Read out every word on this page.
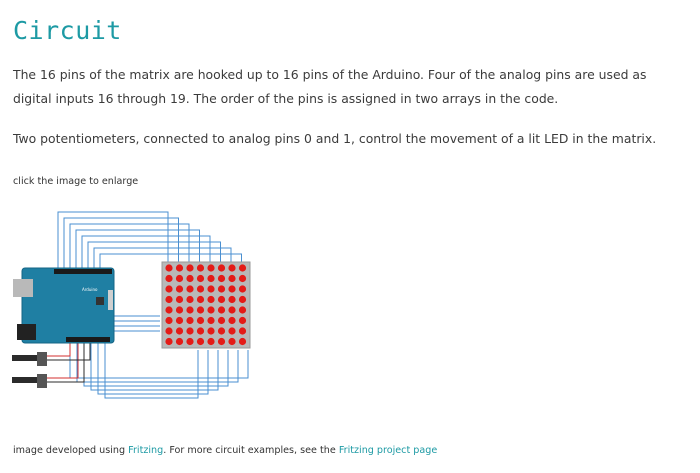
Circuit

The 16 pins of the matrix are hooked up to 16 pins of the Arduino. Four of the analog pins are used as digital inputs 16 through 19. The order of the pins is assigned in two arrays in the code.

Two potentiometers, connected to analog pins 0 and 1, control the movement of a lit LED in the matrix.

click the image to enlarge
Arduino
image developed using Fritzing. For more circuit examples, see the Fritzing project page
